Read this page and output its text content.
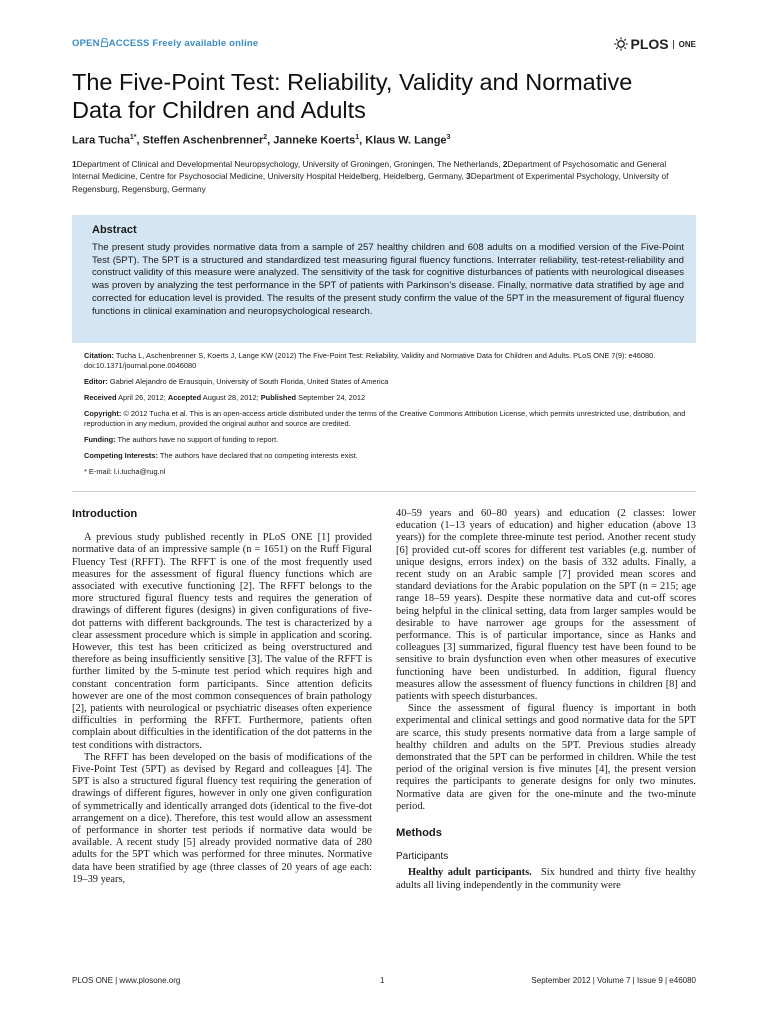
OPEN ACCESS Freely available online	PLOS ONE
The Five-Point Test: Reliability, Validity and Normative
Data for Children and Adults
Lara Tucha$^{1*}$, Steffen Aschenbrenner$^2$, Janneke Koerts$^1$, Klaus W. Lange$^3$
1Department of Clinical and Developmental Neuropsychology, University of Groningen, Groningen, The Netherlands, 2Department of Psychosomatic and General Internal Medicine, Centre for Psychosocial Medicine, University Hospital Heidelberg, Heidelberg, Germany, 3Department of Experimental Psychology, University of Regensburg, Regensburg, Germany
Abstract

The present study provides normative data from a sample of 257 healthy children and 608 adults on a modified version of the Five-Point Test (5PT). The 5PT is a structured and standardized test measuring figural fluency functions. Interrater reliability, test-retest-reliability and construct validity of this measure were analyzed. The sensitivity of the task for cognitive disturbances of patients with neurological diseases was proven by analyzing the test performance in the 5PT of patients with Parkinson’s disease. Finally, normative data stratified by age and corrected for education level is provided. The results of the present study confirm the value of the 5PT in the measurement of figural fluency functions in clinical examination and neuropsychological research.

Citation: Tucha L, Aschenbrenner S, Koerts J, Lange KW (2012) The Five-Point Test: Reliability, Validity and Normative Data for Children and Adults. PLoS ONE 7(9): e46080. doi:10.1371/journal.pone.0046080

Editor: Gabriel Alejandro de Erausquin, University of South Florida, United States of America

Received April 26, 2012; Accepted August 28, 2012; Published September 24, 2012

Copyright: © 2012 Tucha et al. This is an open-access article distributed under the terms of the Creative Commons Attribution License, which permits unrestricted use, distribution, and reproduction in any medium, provided the original author and source are credited.

Funding: The authors have no support of funding to report.

Competing Interests: The authors have declared that no competing interests exist.

* E-mail: l.i.tucha@rug.nl

Introduction

A previous study published recently in PLoS ONE [1] provided normative data of an impressive sample (n = 1651) on the Ruff Figural Fluency Test (RFFT). The RFFT is one of the most frequently used measures for the assessment of figural fluency functions which are associated with executive functioning [2]. The RFFT belongs to the more structured figural fluency tests and requires the generation of drawings of different figures (designs) in given configurations of five-dot patterns with different backgrounds. The test is characterized by a clear assessment procedure which is simple in application and scoring. However, this test has been criticized as being overstructured and therefore as being insufficiently sensitive [3]. The value of the RFFT is further limited by the 5-minute test period which requires high and constant concentration form participants. Since attention deficits however are one of the most common consequences of brain pathology [2], patients with neurological or psychiatric diseases often experience difficulties in performing the RFFT. Furthermore, patients often complain about difficulties in the identification of the dot patterns in the test conditions with distractors.

The RFFT has been developed on the basis of modifications of the Five-Point Test (5PT) as devised by Regard and colleagues [4]. The 5PT is also a structured figural fluency test requiring the generation of drawings of different figures, however in only one given configuration of symmetrically and identically arranged dots (identical to the five-dot arrangement on a dice). Therefore, this test would allow an assessment of performance in shorter test periods if normative data would be available. A recent study [5] already provided normative data of 280 adults for the 5PT which was performed for three minutes. Normative data have been stratified by age (three classes of 20 years of age each: 19–39 years,

40–59 years and 60–80 years) and education (2 classes: lower education (1–13 years of education) and higher education (above 13 years)) for the complete three-minute test period. Another recent study [6] provided cut-off scores for different test variables (e.g. number of unique designs, errors index) on the basis of 332 adults. Finally, a recent study on an Arabic sample [7] provided mean scores and standard deviations for the Arabic population on the 5PT (n = 215; age range 18–59 years). Despite these normative data and cut-off scores being helpful in the clinical setting, data from larger samples would be desirable to have narrower age groups for the assessment of performance. This is of particular importance, since as Hanks and colleagues [3] summarized, figural fluency test have been found to be sensitive to brain dysfunction even when other measures of executive functioning have been undisturbed. In addition, figural fluency measures allow the assessment of fluency functions in children [8] and patients with speech disturbances.

Since the assessment of figural fluency is important in both experimental and clinical settings and good normative data for the 5PT are scarce, this study presents normative data from a large sample of healthy children and adults on the 5PT. Previous studies already demonstrated that the 5PT can be performed in children. While the test period of the original version is five minutes [4], the present version requires the participants to generate designs for only two minutes. Normative data are given for the one-minute and the two-minute period.

Methods
Participants

Healthy adult participants. Six hundred and thirty five healthy adults all living independently in the community were

PLOS ONE | www.plosone.org	1	September 2012 | Volume 7 | Issue 9 | e46080
